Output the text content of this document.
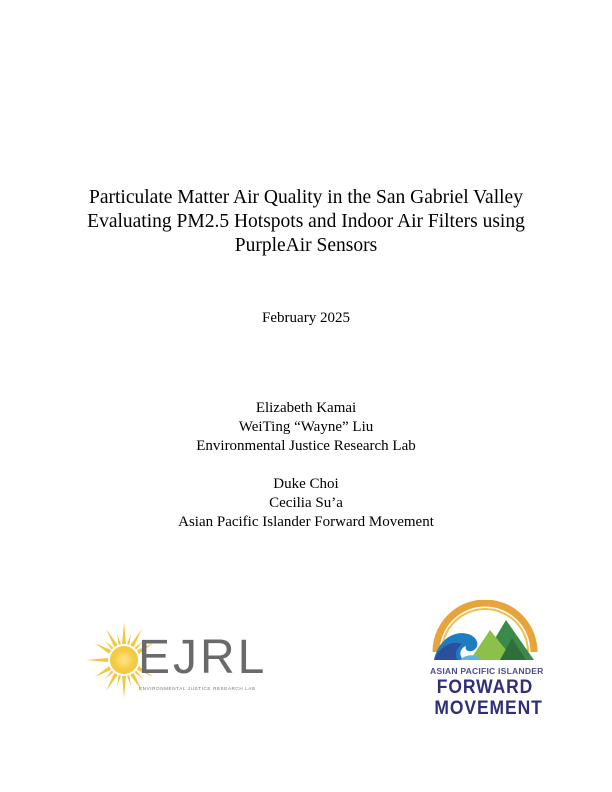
Particulate Matter Air Quality in the San Gabriel Valley
Evaluating PM2.5 Hotspots and Indoor Air Filters using
PurpleAir Sensors
February 2025
Elizabeth Kamai
WeiTing “Wayne” Liu
Environmental Justice Research Lab
Duke Choi
Cecilia Su’a
Asian Pacific Islander Forward Movement
EJRL
ENVIRONMENTAL JUSTICE RESEARCH LAB
ASIAN PACIFIC ISLANDER
FORWARD
MOVEMENT
